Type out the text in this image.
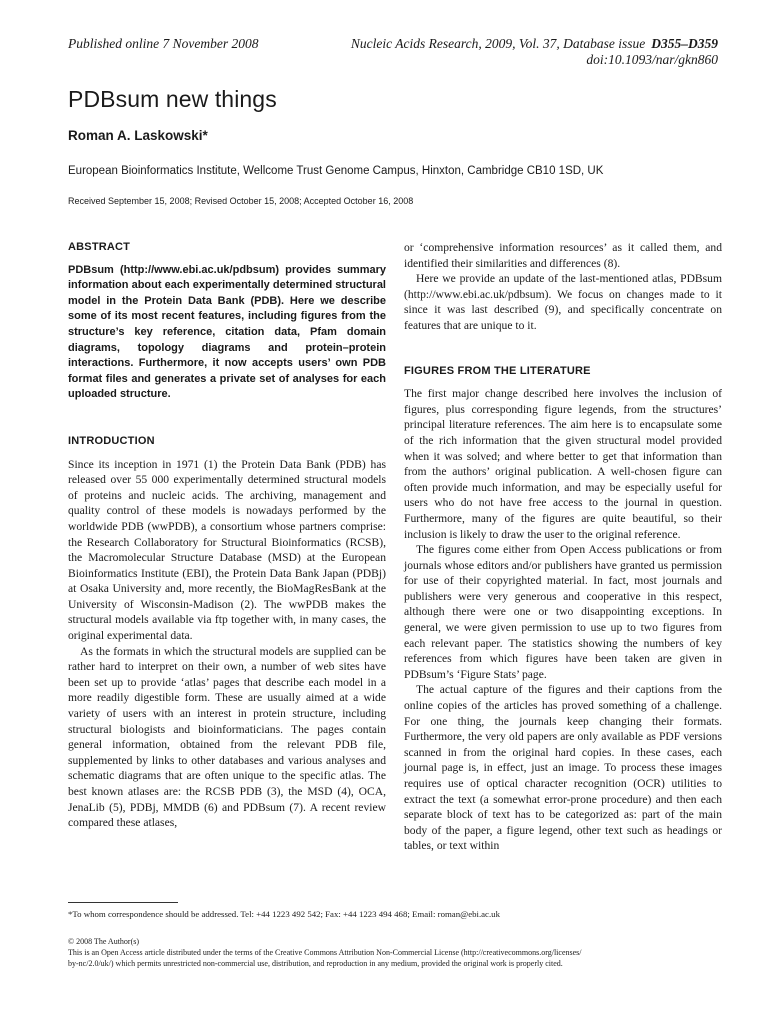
Published online 7 November 2008	Nucleic Acids Research, 2009, Vol. 37, Database issue D355–D359
doi:10.1093/nar/gkn860
PDBsum new things
Roman A. Laskowski*
European Bioinformatics Institute, Wellcome Trust Genome Campus, Hinxton, Cambridge CB10 1SD, UK
Received September 15, 2008; Revised October 15, 2008; Accepted October 16, 2008
ABSTRACT

PDBsum (http://www.ebi.ac.uk/pdbsum) provides summary information about each experimentally determined structural model in the Protein Data Bank (PDB). Here we describe some of its most recent features, including figures from the structure’s key reference, citation data, Pfam domain diagrams, topology diagrams and protein–protein interactions. Furthermore, it now accepts users’ own PDB format files and generates a private set of analyses for each uploaded structure.

INTRODUCTION

Since its inception in 1971 (1) the Protein Data Bank (PDB) has released over 55 000 experimentally determined structural models of proteins and nucleic acids. The archiving, management and quality control of these models is nowadays performed by the worldwide PDB (wwPDB), a consortium whose partners comprise: the Research Collaboratory for Structural Bioinformatics (RCSB), the Macromolecular Structure Database (MSD) at the European Bioinformatics Institute (EBI), the Protein Data Bank Japan (PDBj) at Osaka University and, more recently, the BioMagResBank at the University of Wisconsin-Madison (2). The wwPDB makes the structural models available via ftp together with, in many cases, the original experimental data.

As the formats in which the structural models are supplied can be rather hard to interpret on their own, a number of web sites have been set up to provide ‘atlas’ pages that describe each model in a more readily digestible form. These are usually aimed at a wide variety of users with an interest in protein structure, including structural biologists and bioinformaticians. The pages contain general information, obtained from the relevant PDB file, supplemented by links to other databases and various analyses and schematic diagrams that are often unique to the specific atlas. The best known atlases are: the RCSB PDB (3), the MSD (4), OCA, JenaLib (5), PDBj, MMDB (6) and PDBsum (7). A recent review compared these atlases,

or ‘comprehensive information resources’ as it called them, and identified their similarities and differences (8).

Here we provide an update of the last-mentioned atlas, PDBsum (http://www.ebi.ac.uk/pdbsum). We focus on changes made to it since it was last described (9), and specifically concentrate on features that are unique to it.

FIGURES FROM THE LITERATURE

The first major change described here involves the inclusion of figures, plus corresponding figure legends, from the structures’ principal literature references. The aim here is to encapsulate some of the rich information that the given structural model provided when it was solved; and where better to get that information than from the authors’ original publication. A well-chosen figure can often provide much information, and may be especially useful for users who do not have free access to the journal in question. Furthermore, many of the figures are quite beautiful, so their inclusion is likely to draw the user to the original reference.

The figures come either from Open Access publications or from journals whose editors and/or publishers have granted us permission for use of their copyrighted material. In fact, most journals and publishers were very generous and cooperative in this respect, although there were one or two disappointing exceptions. In general, we were given permission to use up to two figures from each relevant paper. The statistics showing the numbers of key references from which figures have been taken are given in PDBsum’s ‘Figure Stats’ page.

The actual capture of the figures and their captions from the online copies of the articles has proved something of a challenge. For one thing, the journals keep changing their formats. Furthermore, the very old papers are only available as PDF versions scanned in from the original hard copies. In these cases, each journal page is, in effect, just an image. To process these images requires use of optical character recognition (OCR) utilities to extract the text (a somewhat error-prone procedure) and then each separate block of text has to be categorized as: part of the main body of the paper, a figure legend, other text such as headings or tables, or text within

*To whom correspondence should be addressed. Tel: +44 1223 492 542; Fax: +44 1223 494 468; Email: roman@ebi.ac.uk
© 2008 The Author(s)
This is an Open Access article distributed under the terms of the Creative Commons Attribution Non-Commercial License (http://creativecommons.org/licenses/
by-nc/2.0/uk/) which permits unrestricted non-commercial use, distribution, and reproduction in any medium, provided the original work is properly cited.
